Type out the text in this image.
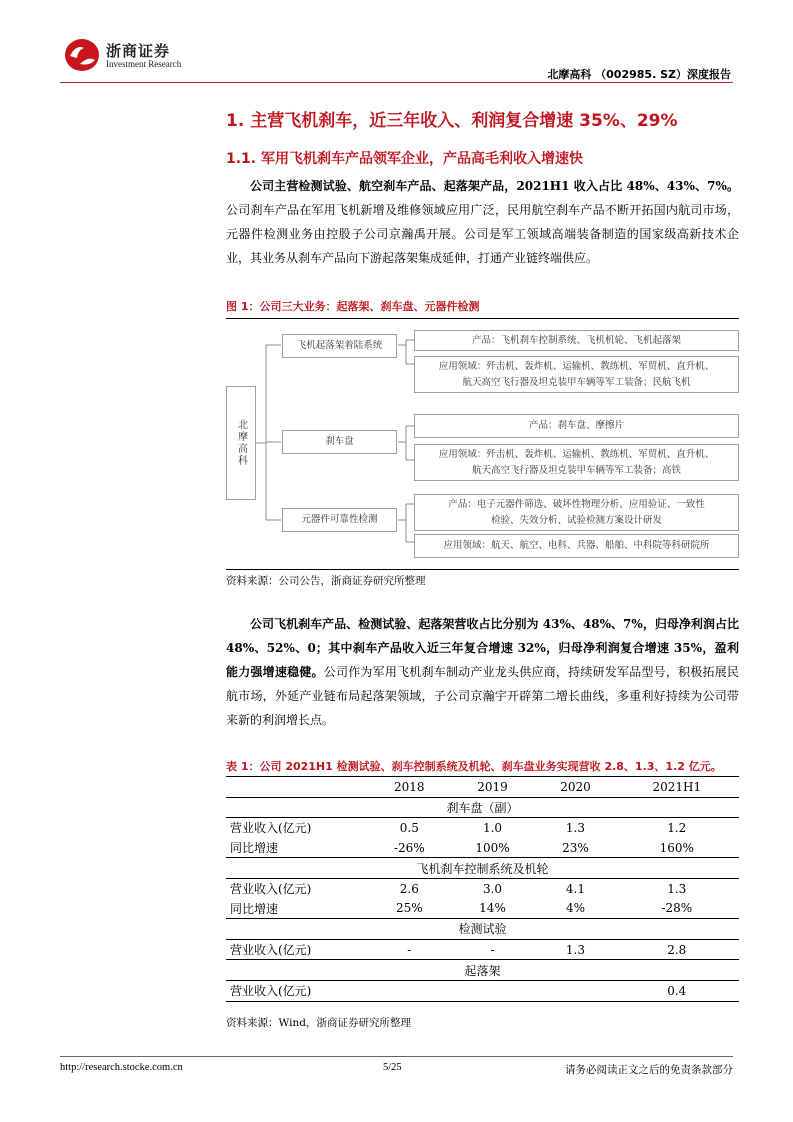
浙商证券
Investment Research
北摩高科 （002985. SZ）深度报告
1. 主营飞机刹车，近三年收入、利润复合增速 35%、29%
1.1. 军用飞机刹车产品领军企业，产品高毛利收入增速快
公司主营检测试验、航空刹车产品、起落架产品，2021H1 收入占比 48%、43%、7%。公司刹车产品在军用飞机新增及维修领域应用广泛，民用航空刹车产品不断开拓国内航司市场，元器件检测业务由控股子公司京瀚禹开展。公司是军工领域高端装备制造的国家级高新技术企业，其业务从刹车产品向下游起落架集成延伸，打通产业链终端供应。
图 1：公司三大业务：起落架、刹车盘、元器件检测
北摩高科
飞机起落架着陆系统
刹车盘
元器件可靠性检测
产品：飞机刹车控制系统、飞机机轮、飞机起落架
应用领域：歼击机、轰炸机、运输机、教练机、军贸机、直升机、航天高空飞行器及坦克装甲车辆等军工装备；民航飞机
产品：刹车盘、摩擦片
应用领域：歼击机、轰炸机、运输机、教练机、军贸机、直升机、航天高空飞行器及坦克装甲车辆等军工装备；高铁
产品：电子元器件筛选、破坏性物理分析、应用验证、一致性检验、失效分析、试验检测方案设计研发
应用领域：航天、航空、电科、兵器、船舶、中科院等科研院所
资料来源：公司公告，浙商证券研究所整理
公司飞机刹车产品、检测试验、起落架营收占比分别为 43%、48%、7%，归母净利润占比 48%、52%、0；其中刹车产品收入近三年复合增速 32%，归母净利润复合增速 35%，盈利能力强增速稳健。公司作为军用飞机刹车制动产业龙头供应商，持续研发军品型号，积极拓展民航市场，外延产业链布局起落架领域，子公司京瀚宇开辟第二增长曲线，多重利好持续为公司带来新的利润增长点。
表 1：公司 2021H1 检测试验、刹车控制系统及机轮、刹车盘业务实现营收 2.8、1.3、1.2 亿元。
	2018	2019	2020	2021H1
刹车盘（副）				
营业收入(亿元)	0.5	1.0	1.3	1.2
同比增速	-26%	100%	23%	160%
飞机刹车控制系统及机轮				
营业收入(亿元)	2.6	3.0	4.1	1.3
同比增速	25%	14%	4%	-28%
检测试验				
营业收入(亿元)	-	-	1.3	2.8
起落架				
营业收入(亿元)				0.4
资料来源：Wind，浙商证券研究所整理
http://research.stocke.com.cn	5/25	请务必阅读正文之后的免责条款部分
